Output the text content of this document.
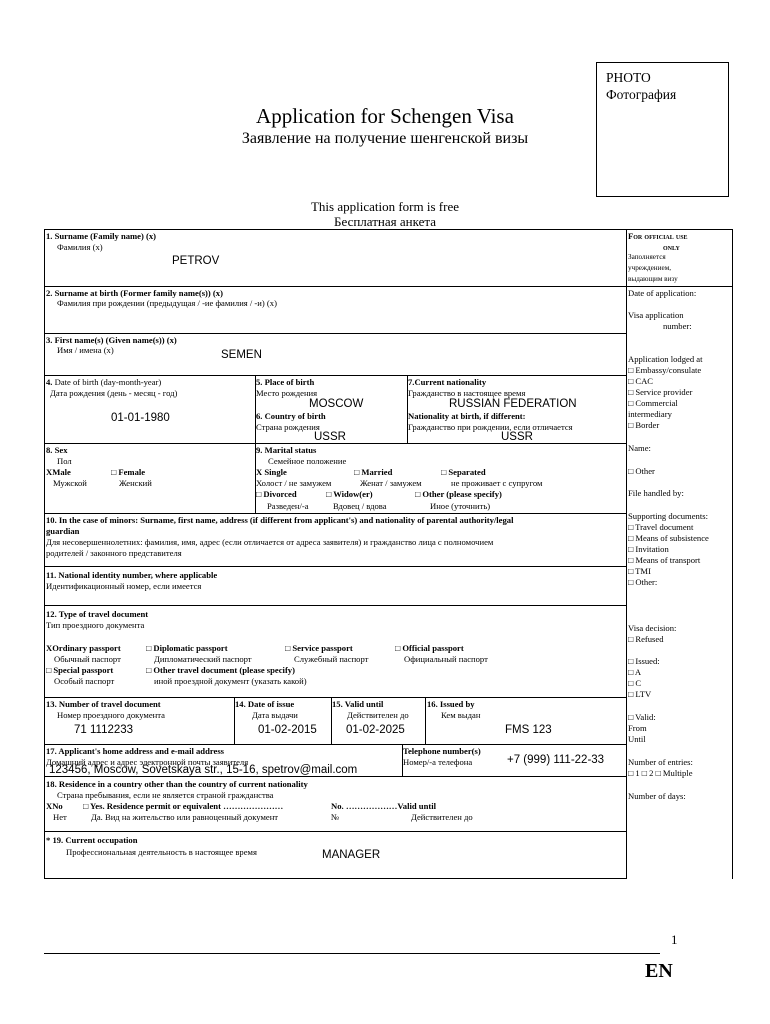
PHOTO
Фотография
Application for Schengen Visa
Заявление на получение шенгенской визы
This application form is free
Бесплатная анкета
1. Surname (Family name) (x)
Фамилия (x)
PETROV
2. Surname at birth (Former family name(s)) (x)
Фамилия при рождении (предыдущая / -ие фамилия / -и) (x)
3. First name(s) (Given name(s)) (x)
Имя / имена (x)	SEMEN
4. Date of birth (day-month-year)
Дата рождения (день - месяц - год)
01-01-1980
5. Place of birth
Место рождения
MOSCOW
6. Country of birth
Страна рождения
USSR
7.Current nationality
Гражданство в настоящее время
RUSSIAN FEDERATION
Nationality at birth, if different:
Гражданство при рождении, если отличается
USSR
8. Sex
Пол
XMale	□ Female
Мужской	Женский
9. Marital status
Семейное положение
X Single	□ Married	□ Separated
Холост / не замужем	Женат / замужем	не проживает с супругом
□ Divorced	□ Widow(er)	□ Other (please specify)
Разведен/-а	Вдовец / вдова	Иное (уточнить)
10. In the case of minors: Surname, first name, address (if different from applicant's) and nationality of parental authority/legal
guardian
Для несовершеннолетних: фамилия, имя, адрес (если отличается от адреса заявителя) и гражданство лица с полномочием
родителей / законного представителя
11. National identity number, where applicable
Идентификационный номер, если имеется
12. Type of travel document
Тип проездного документа
XOrdinary passport	□ Diplomatic passport	□ Service passport	□ Official passport
Обычный паспорт	Дипломатический паспорт	Служебный паспорт	Официальный паспорт
□ Special passport	□ Other travel document (please specify)
Особый паспорт	иной проездной документ (указать какой)
13. Number of travel document
Номер проездного документа
71 1112233
14. Date of issue
Дата выдачи
01-02-2015
15. Valid until
Действителен до
01-02-2025
16. Issued by
Кем выдан
FMS 123
17. Applicant's home address and e-mail address
Домашний адрес и адрес электронной почты заявителя
123456, Moscow, Sovetskaya str., 15-16, spetrov@mail.com
Telephone number(s)
Номер/-а телефона	+7 (999) 111-22-33
18. Residence in a country other than the country of current nationality
Страна пребывания, если не является страной гражданства
XNo □ Yes. Residence permit or equivalent …………………	No. ………………Valid until
Нет	Да. Вид на жительство или равноценный документ	№	Действителен до
* 19. Current occupation
Профессиональная деятельность в настоящее время	MANAGER
For official use
only
Заполняется
учреждением,
выдающим визу
Date of application:
Visa application
number:
Application lodged at
□ Embassy/consulate
□ CAC
□ Service provider
□ Commercial
intermediary
□ Border
Name:
□ Other
File handled by:
Supporting documents:
□ Travel document
□ Means of subsistence
□ Invitation
□ Means of transport
□ TMI
□ Other:
Visa decision:
□ Refused
□ Issued:
□ A
□ C
□ LTV
□ Valid:
From
Until
Number of entries:
□ 1 □ 2 □ Multiple
Number of days:
1
EN
